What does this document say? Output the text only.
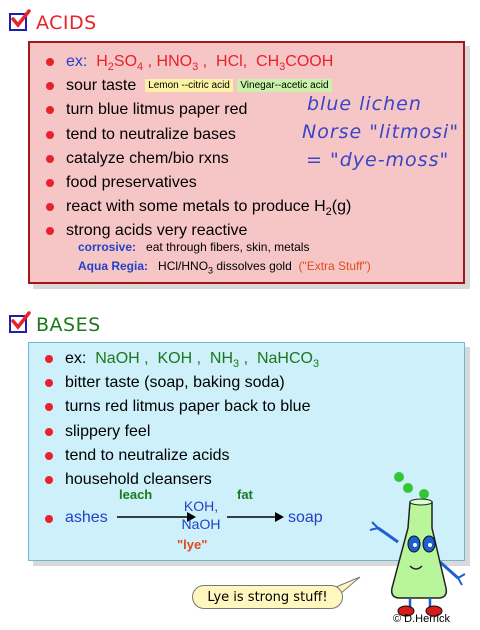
ACIDS
ex: $H_2SO_4$ , $HNO_3$ ,  HCl,  $CH_3COOH$
sour taste Lemon --citric acid Vinegar--acetic acid
turn blue litmus paper red
tend to neutralize bases
catalyze chem/bio rxns
food preservatives
react with some metals to produce $H_2(g)$
strong acids very reactive
corrosive: eat through fibers, skin, metals
Aqua Regia: HCl/$HNO_3$ dissolves gold ("Extra Stuff")
blue lichen
Norse "litmosi"
= "dye-moss"
BASES
ex: NaOH , KOH , $NH_3$ , NaHCO$_3$
bitter taste (soap, baking soda)
turns red litmus paper back to blue
slippery feel
tend to neutralize acids
household cleansers
ashes
leach
KOH,
NaOH
"lye"
fat
soap
Lye is strong stuff!
© D.Herrick
